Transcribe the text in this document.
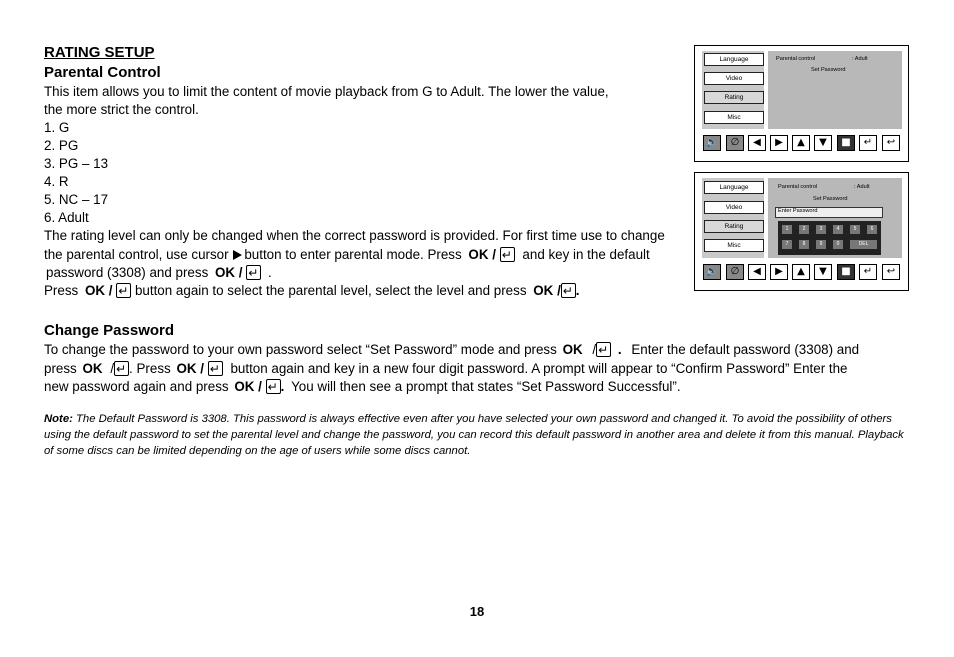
RATING SETUP
Parental Control
This item allows you to limit the content of movie playback from G to Adult. The lower the value,
the more strict the control.
1. G
2. PG
3. PG – 13
4. R
5. NC – 17
6. Adult
The rating level can only be changed when the correct password is provided. For first time use to change
the parental control, use cursor button to enter parental mode. Press OK / ↵ and key in the default
password (3308) and press OK / ↵ .
Press OK / ↵ button again to select the parental level, select the level and press OK / ↵ .
Change Password
To change the password to your own password select “Set Password” mode and press OK / ↵ . Enter the default password (3308) and
press OK / ↵ . Press OK / ↵ button again and key in a new four digit password. A prompt will appear to “Confirm Password” Enter the
new password again and press OK / ↵ . You will then see a prompt that states “Set Password Successful”.
Note: The Default Password is 3308. This password is always effective even after you have selected your own password and changed it. To avoid the possibility of others using the default password to set the parental level and change the password, you can record this default password in another area and delete it from this manual. Playback of some discs can be limited depending on the age of users while some discs cannot.
18
Language
Video
Rating
Misc
Parental control	: Adult
Set Password
🔈	∅	◀	▶	▲	▼	■	↵	↩
Language
Video
Rating
Misc
Parental control	: Adult
Set Password
Enter Password
1	2	3	4	5	6
7	8	9	0	DEL
🔈	∅	◀	▶	▲	▼	■	↵	↩
